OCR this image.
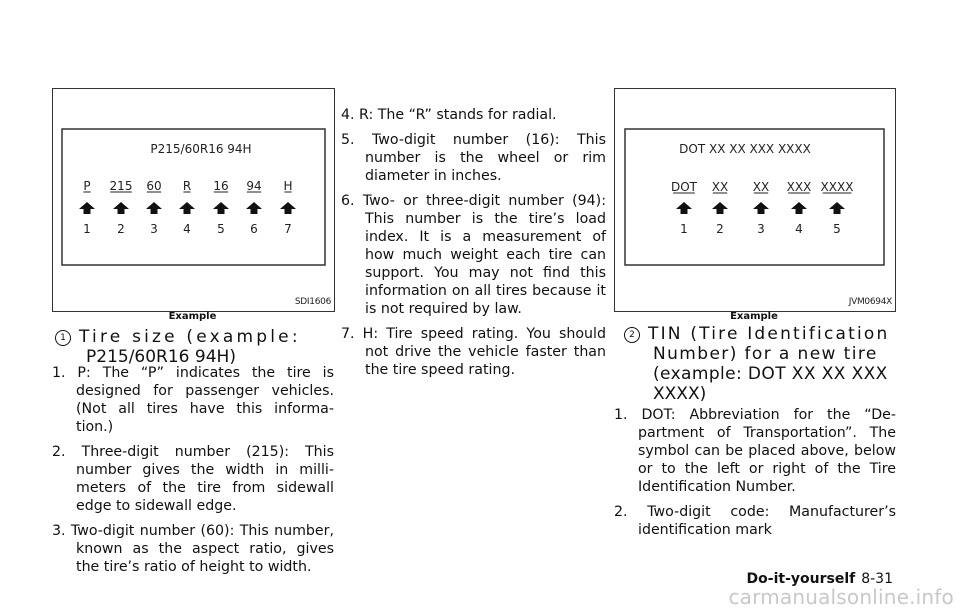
P215/60R16 94H
P
1
215
2
60
3
R
4
16
5
94
6
H
7
SDI1606
Example
1 Tire size (example:
P215/60R16 94H)
1. P: The “P” indicates the tire is designed for passenger vehicles. (Not all tires have this informa-tion.)
2. Three-digit number (215): This number gives the width in milli-meters of the tire from sidewall edge to sidewall edge.
3. Two-digit number (60): This number, known as the aspect ratio, gives the tire’s ratio of height to width.
4. R: The “R” stands for radial.
5. Two-digit number (16): This number is the wheel or rim diameter in inches.
6. Two- or three-digit number (94): This number is the tire’s load index. It is a measurement of how much weight each tire can support. You may not find this information on all tires because it is not required by law.
7. H: Tire speed rating. You should not drive the vehicle faster than the tire speed rating.
DOT XX XX XXX XXXX
DOT
1
XX
2
XX
3
XXX
4
XXXX
5
JVM0694X
Example
2 TIN (Tire Identification
Number) for a new tire
(example: DOT XX XX XXX
XXXX)
1. DOT: Abbreviation for the “De-partment of Transportation”. The symbol can be placed above, below or to the left or right of the Tire Identification Number.
2. Two-digit code: Manufacturer’s identification mark
Do-it-yourself 8-31
carmanualsonline.info
